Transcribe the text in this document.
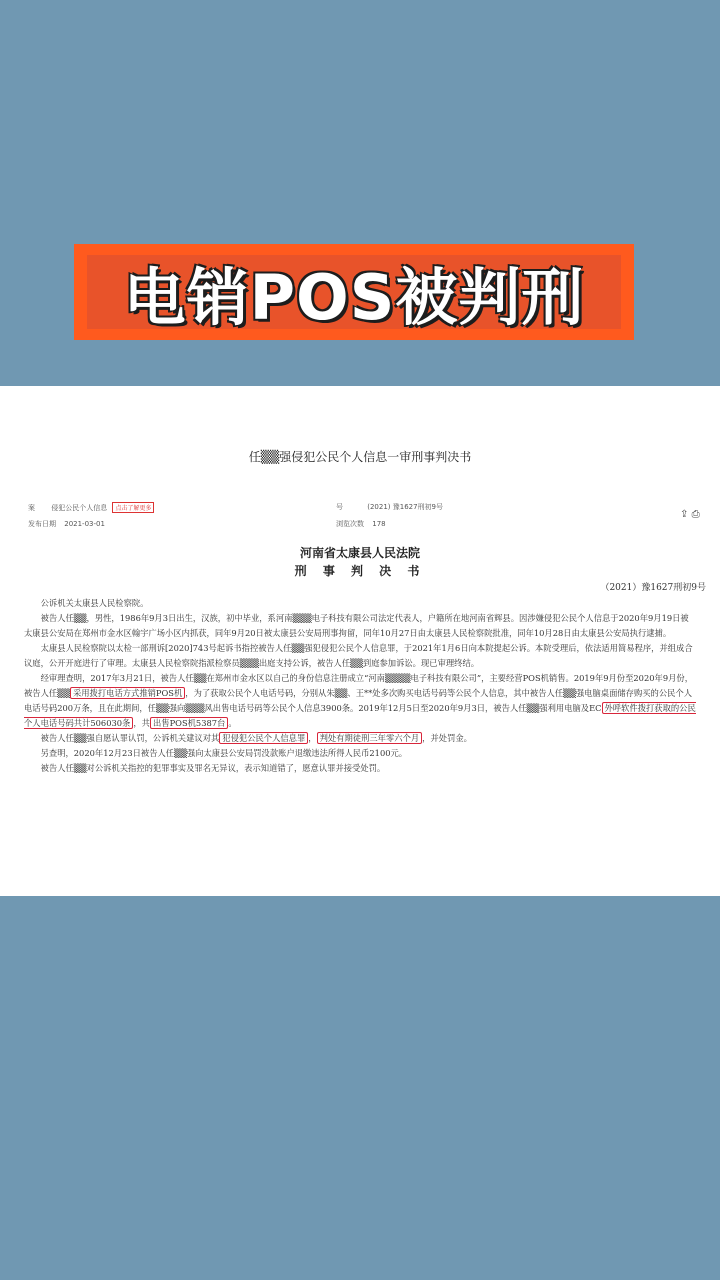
电销POS被判刑
任▒▒强侵犯公民个人信息一审刑事判决书
案 侵犯公民个人信息 点击了解更多
发布日期 2021-03-01
号	(2021) 豫1627刑初9号
浏览次数 178
⇪ ⎙
河南省太康县人民法院
刑 事 判 决 书
（2021）豫1627刑初9号

公诉机关太康县人民检察院。

被告人任▒▒，男性，1986年9月3日出生，汉族，初中毕业，系河南▒▒▒电子科技有限公司法定代表人，户籍所在地河南省辉县。因涉嫌侵犯公民个人信息于2020年9月19日被太康县公安局在郑州市金水区翰宇广场小区内抓获，同年9月20日被太康县公安局刑事拘留，同年10月27日由太康县人民检察院批准，同年10月28日由太康县公安局执行逮捕。

太康县人民检察院以太检一部刑诉[2020]743号起诉书指控被告人任▒▒强犯侵犯公民个人信息罪，于2021年1月6日向本院提起公诉。本院受理后，依法适用简易程序，并组成合议庭，公开开庭进行了审理。太康县人民检察院指派检察员▒▒▒出庭支持公诉，被告人任▒▒到庭参加诉讼。现已审理终结。

经审理查明，2017年3月21日，被告人任▒▒在郑州市金水区以自己的身份信息注册成立“河南▒▒▒▒电子科技有限公司”，主要经营POS机销售。2019年9月份至2020年9月份，被告人任▒▒ 采用拨打电话方式推销POS机 ，为了获取公民个人电话号码，分别从朱▒▒、王**处多次购买电话号码等公民个人信息，其中被告人任▒▒强电脑桌面储存购买的公民个人电话号码200万条，且在此期间，任▒▒强向▒▒▒风出售电话号码等公民个人信息3900条。2019年12月5日至2020年9月3日，被告人任▒▒强利用电脑及EC 外呼软件拨打获取的公民个人电话号码共计506030条 ，共 出售POS机5387台 。

被告人任▒▒强自愿认罪认罚，公诉机关建议对其 犯侵犯公民个人信息罪 ， 判处有期徒刑三年零六个月 ，并处罚金。

另查明，2020年12月23日被告人任▒▒强向太康县公安局罚没款账户退缴违法所得人民币2100元。

被告人任▒▒对公诉机关指控的犯罪事实及罪名无异议，表示知道错了，愿意认罪并接受处罚。
